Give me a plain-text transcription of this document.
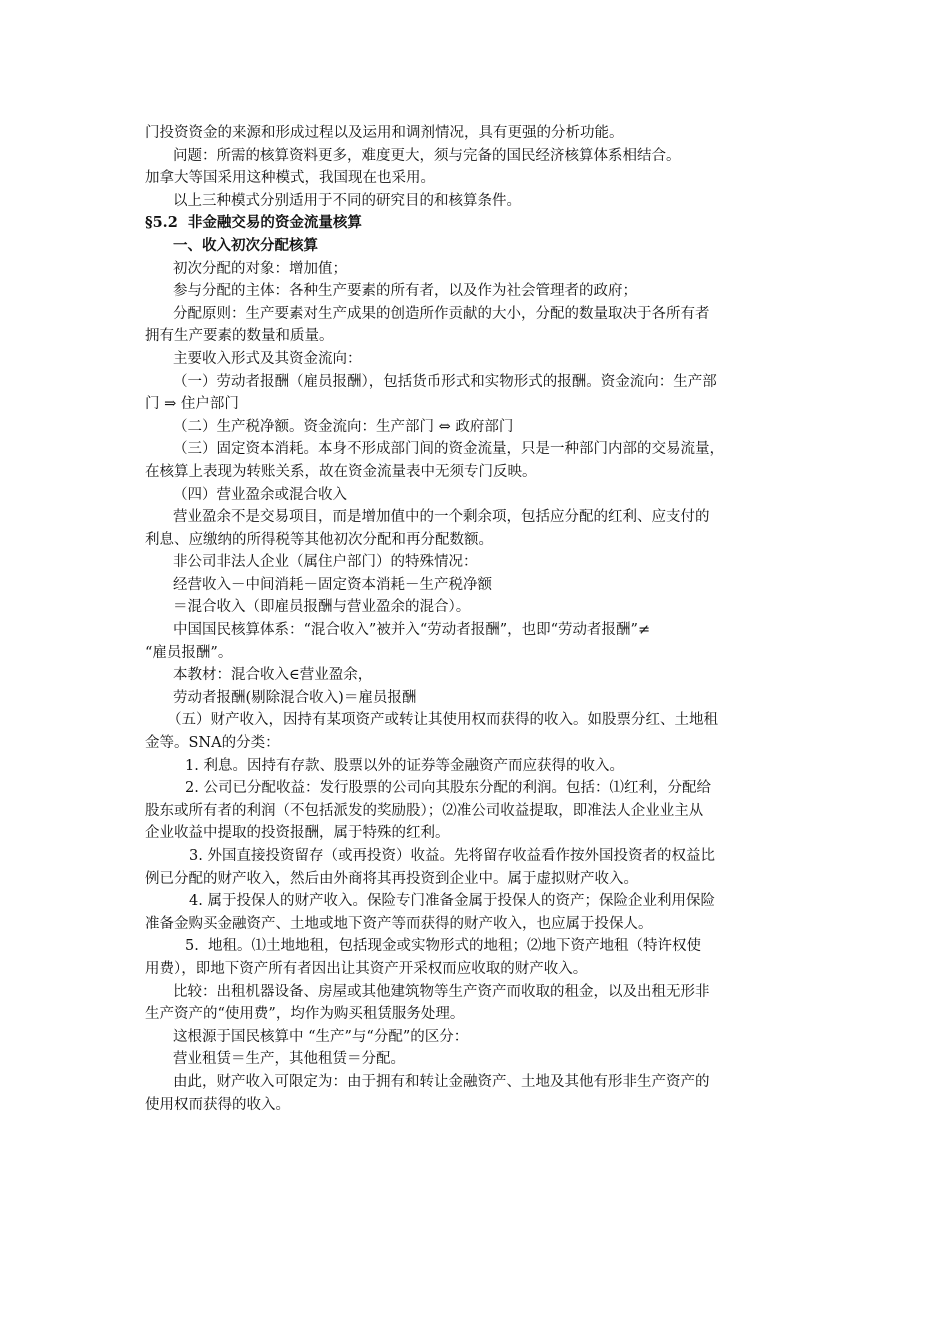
门投资资金的来源和形成过程以及运用和调剂情况，具有更强的分析功能。
问题：所需的核算资料更多，难度更大，须与完备的国民经济核算体系相结合。
加拿大等国采用这种模式，我国现在也采用。
以上三种模式分别适用于不同的研究目的和核算条件。
§5.2  非金融交易的资金流量核算
一、收入初次分配核算
初次分配的对象：增加值；
参与分配的主体：各种生产要素的所有者，以及作为社会管理者的政府；
分配原则：生产要素对生产成果的创造所作贡献的大小，分配的数量取决于各所有者
拥有生产要素的数量和质量。
主要收入形式及其资金流向：
（一）劳动者报酬（雇员报酬），包括货币形式和实物形式的报酬。资金流向：生产部
门 ⇒ 住户部门
（二）生产税净额。资金流向：生产部门 ⇔ 政府部门
（三）固定资本消耗。本身不形成部门间的资金流量，只是一种部门内部的交易流量，
在核算上表现为转账关系，故在资金流量表中无须专门反映。
（四）营业盈余或混合收入
营业盈余不是交易项目，而是增加值中的一个剩余项，包括应分配的红利、应支付的
利息、应缴纳的所得税等其他初次分配和再分配数额。
非公司非法人企业（属住户部门）的特殊情况：
经营收入－中间消耗－固定资本消耗－生产税净额
＝混合收入（即雇员报酬与营业盈余的混合）。
中国国民核算体系：“混合收入”被并入“劳动者报酬”，也即“劳动者报酬”≠
“雇员报酬”。
本教材：混合收入∈营业盈余，
劳动者报酬(剔除混合收入)＝雇员报酬
（五）财产收入，因持有某项资产或转让其使用权而获得的收入。如股票分红、土地租
金等。SNA的分类：
1. 利息。因持有存款、股票以外的证券等金融资产而应获得的收入。
2. 公司已分配收益：发行股票的公司向其股东分配的利润。包括：⑴红利，分配给
股东或所有者的利润（不包括派发的奖励股）；⑵准公司收益提取，即准法人企业业主从
企业收益中提取的投资报酬，属于特殊的红利。
3. 外国直接投资留存（或再投资）收益。先将留存收益看作按外国投资者的权益比
例已分配的财产收入，然后由外商将其再投资到企业中。属于虚拟财产收入。
4. 属于投保人的财产收入。保险专门准备金属于投保人的资产；保险企业利用保险
准备金购买金融资产、土地或地下资产等而获得的财产收入，也应属于投保人。
5.  地租。⑴土地地租，包括现金或实物形式的地租；⑵地下资产地租（特许权使
用费），即地下资产所有者因出让其资产开采权而应收取的财产收入。
比较：出租机器设备、房屋或其他建筑物等生产资产而收取的租金，以及出租无形非
生产资产的“使用费”，均作为购买租赁服务处理。
这根源于国民核算中 “生产”与“分配”的区分：
营业租赁＝生产，其他租赁＝分配。
由此，财产收入可限定为：由于拥有和转让金融资产、土地及其他有形非生产资产的
使用权而获得的收入。
